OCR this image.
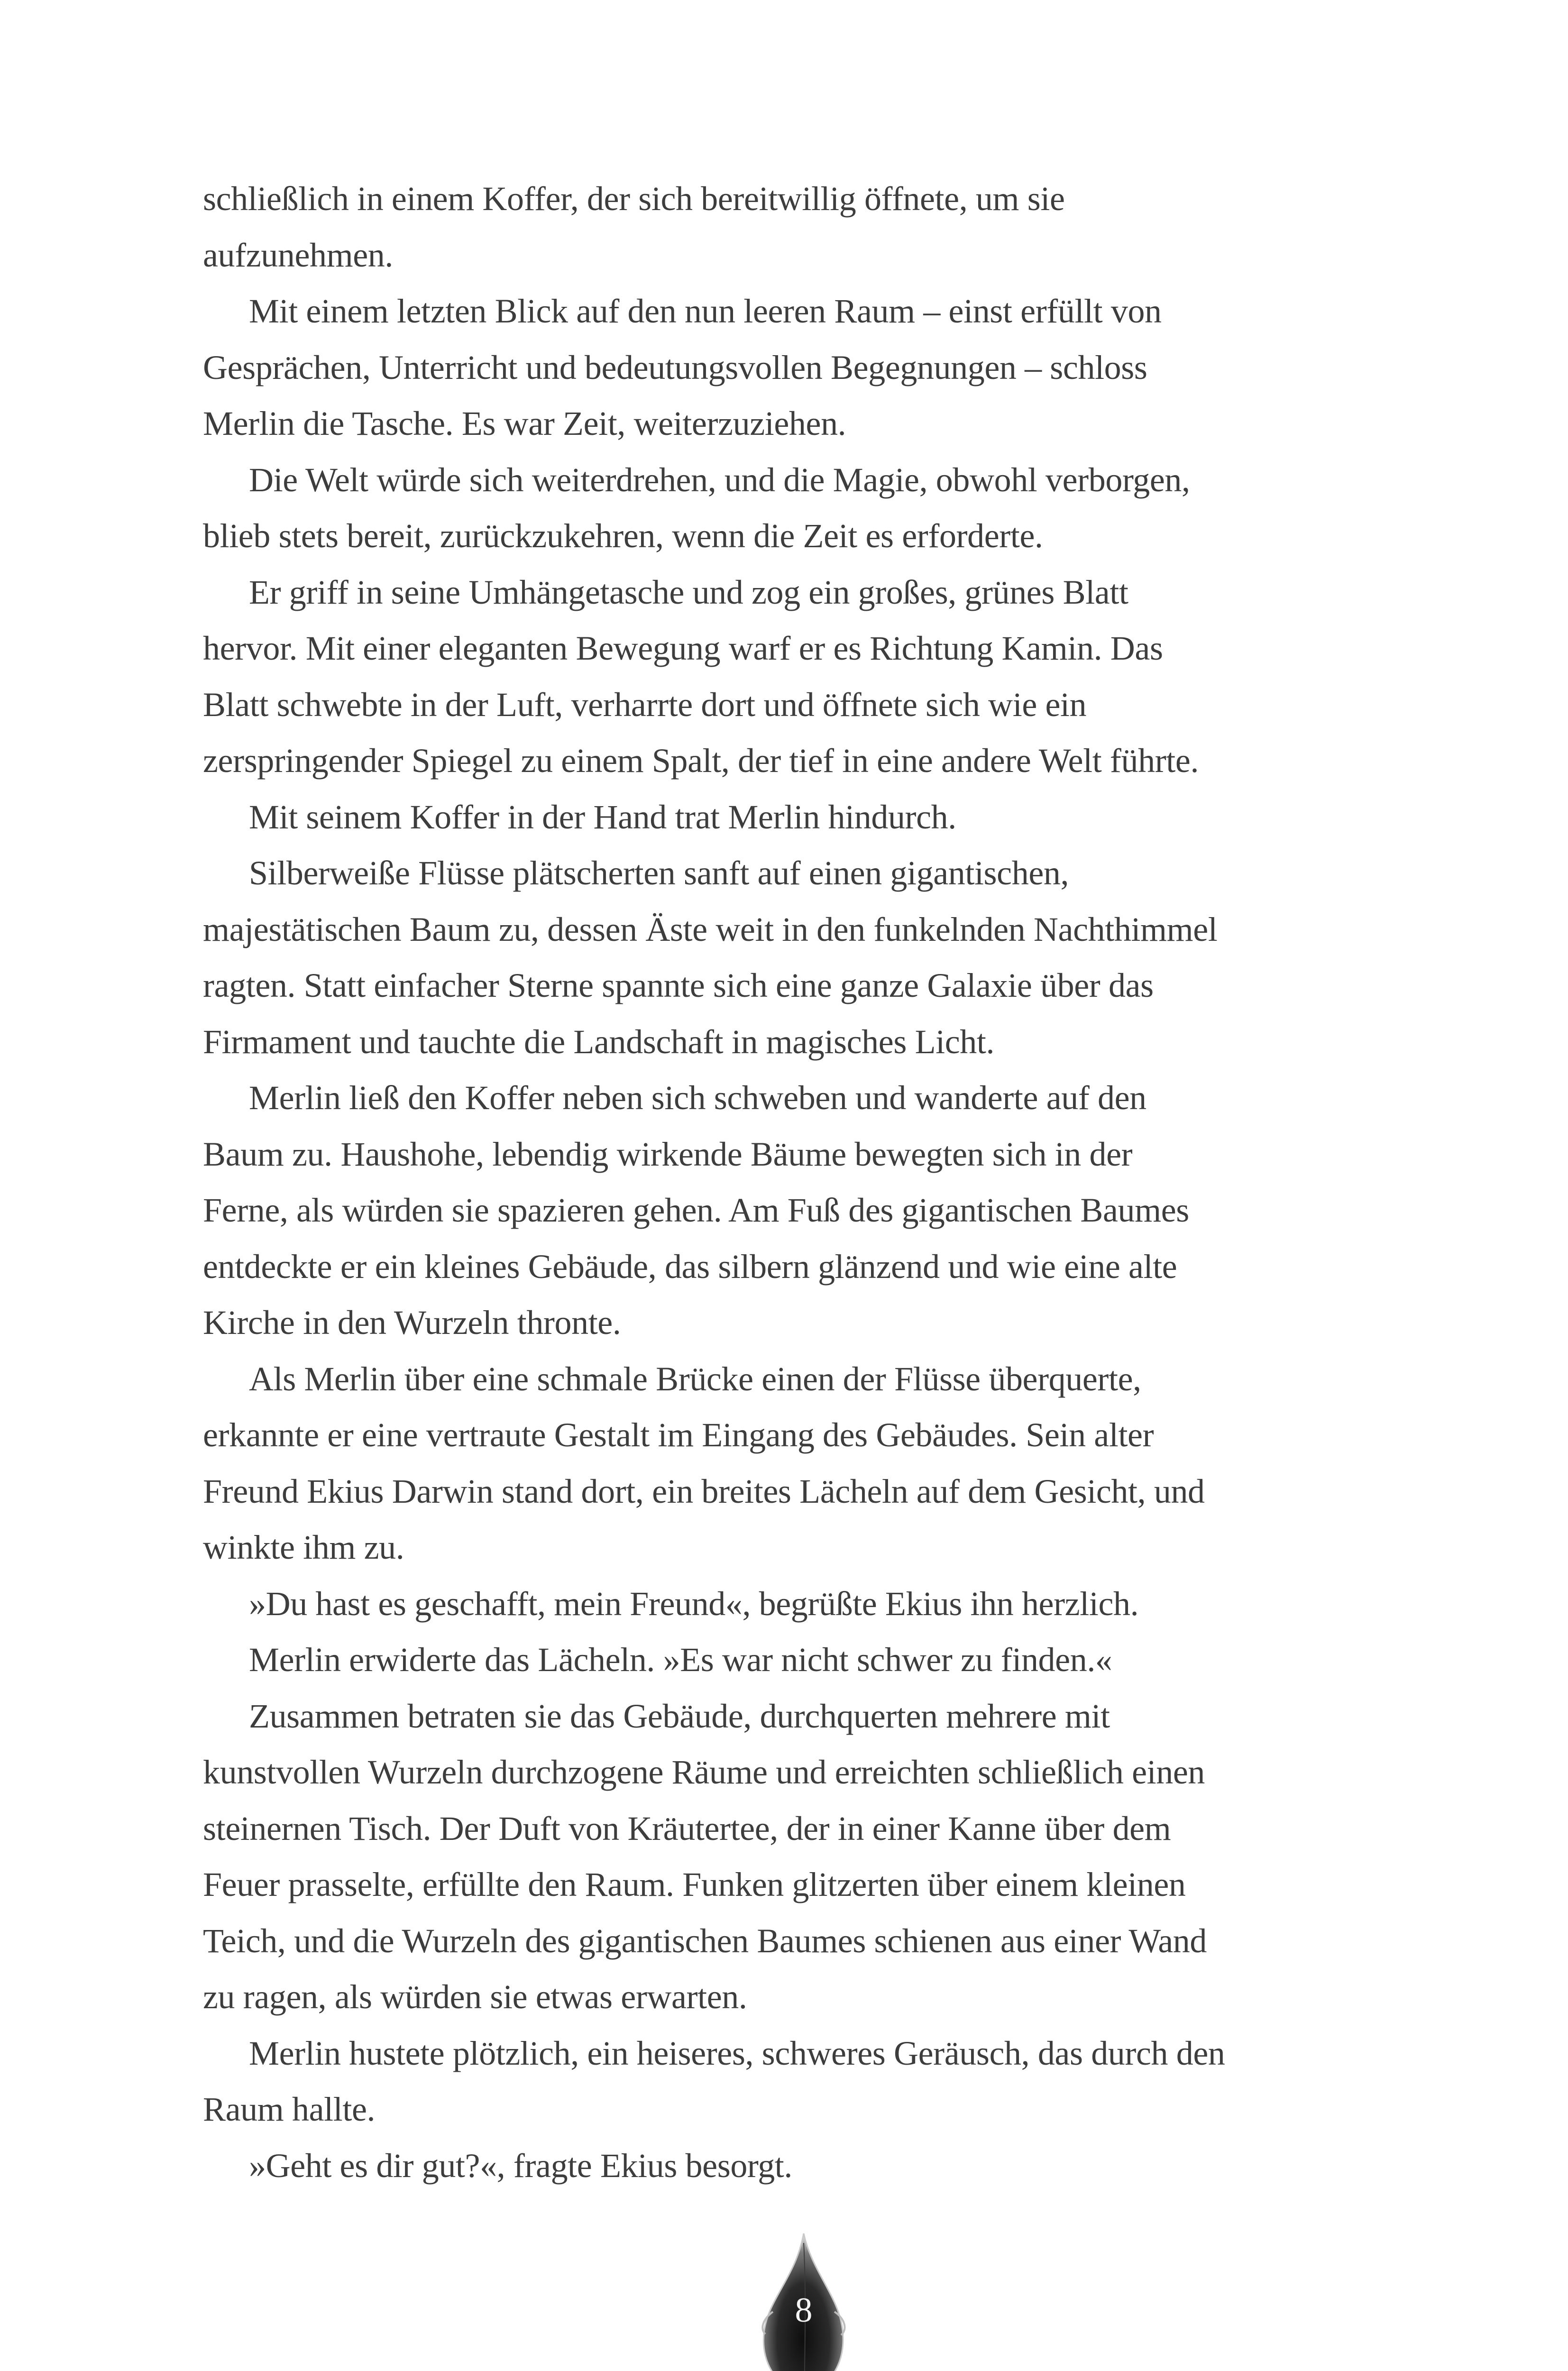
schließlich in einem Koffer, der sich bereitwillig öffnete, um sie
aufzunehmen.
Mit einem letzten Blick auf den nun leeren Raum – einst erfüllt von
Gesprächen, Unterricht und bedeutungsvollen Begegnungen – schloss
Merlin die Tasche. Es war Zeit, weiterzuziehen.
Die Welt würde sich weiterdrehen, und die Magie, obwohl verborgen,
blieb stets bereit, zurückzukehren, wenn die Zeit es erforderte.
Er griff in seine Umhängetasche und zog ein großes, grünes Blatt
hervor. Mit einer eleganten Bewegung warf er es Richtung Kamin. Das
Blatt schwebte in der Luft, verharrte dort und öffnete sich wie ein
zerspringender Spiegel zu einem Spalt, der tief in eine andere Welt führte.
Mit seinem Koffer in der Hand trat Merlin hindurch.
Silberweiße Flüsse plätscherten sanft auf einen gigantischen,
majestätischen Baum zu, dessen Äste weit in den funkelnden Nachthimmel
ragten. Statt einfacher Sterne spannte sich eine ganze Galaxie über das
Firmament und tauchte die Landschaft in magisches Licht.
Merlin ließ den Koffer neben sich schweben und wanderte auf den
Baum zu. Haushohe, lebendig wirkende Bäume bewegten sich in der
Ferne, als würden sie spazieren gehen. Am Fuß des gigantischen Baumes
entdeckte er ein kleines Gebäude, das silbern glänzend und wie eine alte
Kirche in den Wurzeln thronte.
Als Merlin über eine schmale Brücke einen der Flüsse überquerte,
erkannte er eine vertraute Gestalt im Eingang des Gebäudes. Sein alter
Freund Ekius Darwin stand dort, ein breites Lächeln auf dem Gesicht, und
winkte ihm zu.
»Du hast es geschafft, mein Freund«, begrüßte Ekius ihn herzlich.
Merlin erwiderte das Lächeln. »Es war nicht schwer zu finden.«
Zusammen betraten sie das Gebäude, durchquerten mehrere mit
kunstvollen Wurzeln durchzogene Räume und erreichten schließlich einen
steinernen Tisch. Der Duft von Kräutertee, der in einer Kanne über dem
Feuer prasselte, erfüllte den Raum. Funken glitzerten über einem kleinen
Teich, und die Wurzeln des gigantischen Baumes schienen aus einer Wand
zu ragen, als würden sie etwas erwarten.
Merlin hustete plötzlich, ein heiseres, schweres Geräusch, das durch den
Raum hallte.
»Geht es dir gut?«, fragte Ekius besorgt.
8
